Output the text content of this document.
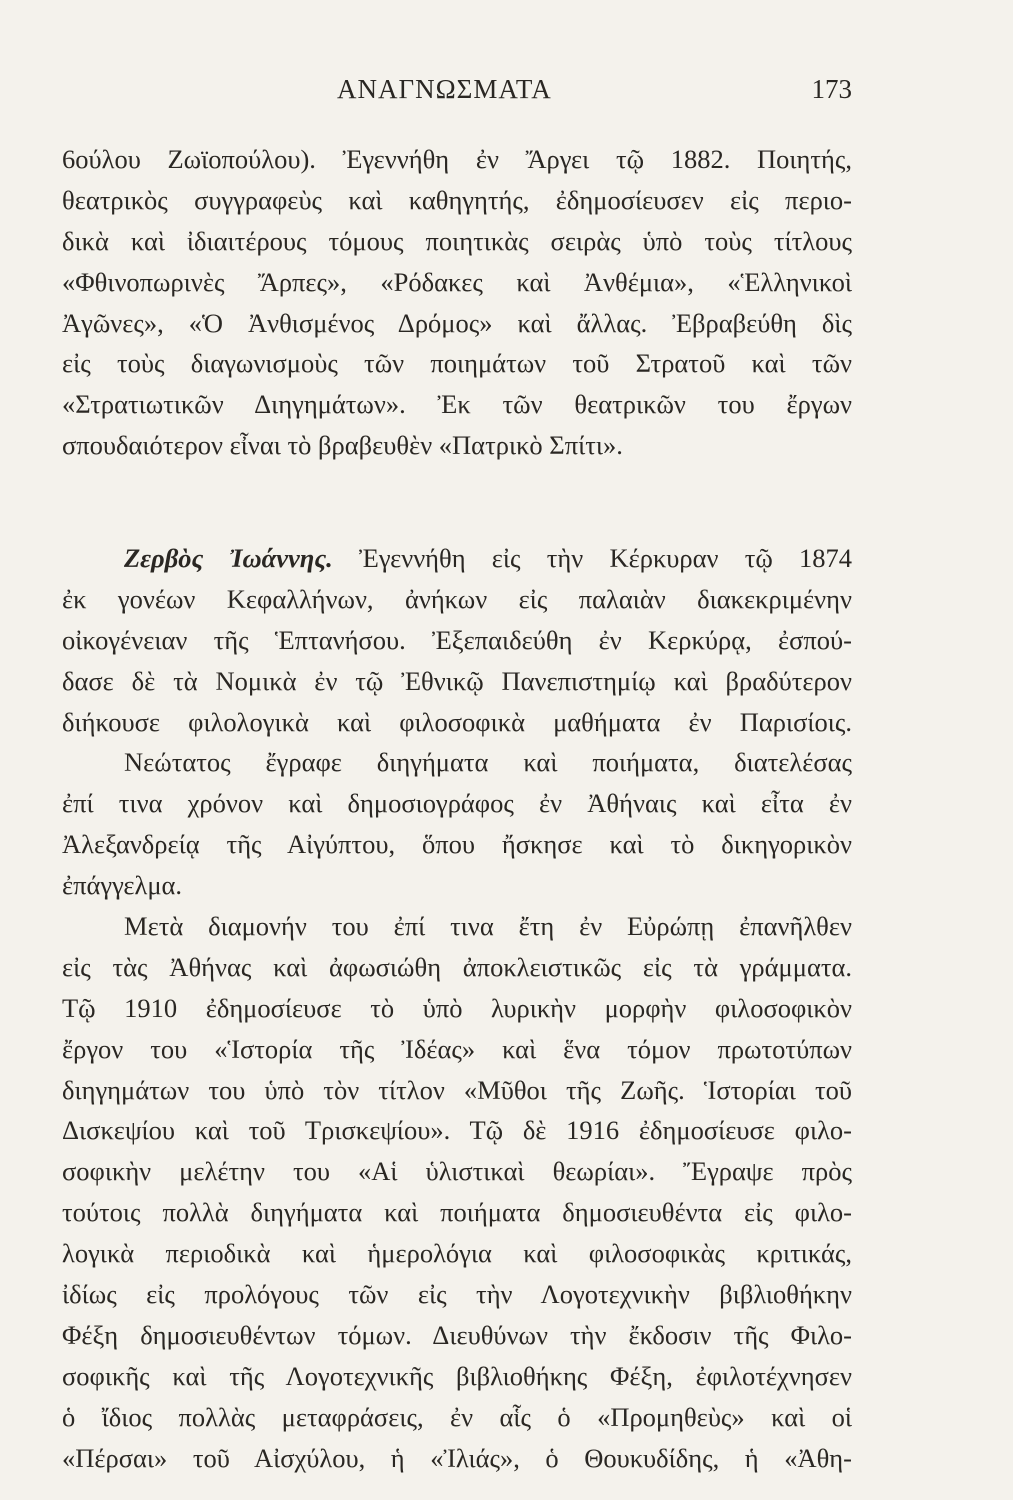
ΑΝΑΓΝΩΣΜΑΤΑ	173
6ούλου Ζωϊοπούλου). Ἐγεννήθη ἐν Ἄργει τῷ 1882. Ποιητής,
θεατρικὸς συγγραφεὺς καὶ καθηγητής, ἐδημοσίευσεν εἰς περιο-
δικὰ καὶ ἰδιαιτέρους τόμους ποιητικὰς σειρὰς ὑπὸ τοὺς τίτλους
«Φθινοπωρινὲς Ἄρπες», «Ρόδακες καὶ Ἀνθέμια», «Ἑλληνικοὶ
Ἀγῶνες», «Ὁ Ἀνθισμένος Δρόμος» καὶ ἄλλας. Ἐβραβεύθη δὶς
εἰς τοὺς διαγωνισμοὺς τῶν ποιημάτων τοῦ Στρατοῦ καὶ τῶν
«Στρατιωτικῶν Διηγημάτων». Ἐκ τῶν θεατρικῶν του ἔργων
σπουδαιότερον εἶναι τὸ βραβευθὲν «Πατρικὸ Σπίτι».
Ζερβὸς Ἰωάννης. Ἐγεννήθη εἰς τὴν Κέρκυραν τῷ 1874
ἐκ γονέων Κεφαλλήνων, ἀνήκων εἰς παλαιὰν διακεκριμένην
οἰκογένειαν τῆς Ἑπτανήσου. Ἐξεπαιδεύθη ἐν Κερκύρᾳ, ἐσπού-
δασε δὲ τὰ Νομικὰ ἐν τῷ Ἐθνικῷ Πανεπιστημίῳ καὶ βραδύτερον
διήκουσε φιλολογικὰ καὶ φιλοσοφικὰ μαθήματα ἐν Παρισίοις.
Νεώτατος ἔγραφε διηγήματα καὶ ποιήματα, διατελέσας
ἐπί τινα χρόνον καὶ δημοσιογράφος ἐν Ἀθήναις καὶ εἶτα ἐν
Ἀλεξανδρείᾳ τῆς Αἰγύπτου, ὅπου ἤσκησε καὶ τὸ δικηγορικὸν
ἐπάγγελμα.
Μετὰ διαμονήν του ἐπί τινα ἔτη ἐν Εὐρώπῃ ἐπανῆλθεν
εἰς τὰς Ἀθήνας καὶ ἀφωσιώθη ἀποκλειστικῶς εἰς τὰ γράμματα.
Τῷ 1910 ἐδημοσίευσε τὸ ὑπὸ λυρικὴν μορφὴν φιλοσοφικὸν
ἔργον του «Ἱστορία τῆς Ἰδέας» καὶ ἕνα τόμον πρωτοτύπων
διηγημάτων του ὑπὸ τὸν τίτλον «Μῦθοι τῆς Ζωῆς. Ἱστορίαι τοῦ
Δισκεψίου καὶ τοῦ Τρισκεψίου». Τῷ δὲ 1916 ἐδημοσίευσε φιλο-
σοφικὴν μελέτην του «Αἱ ὑλιστικαὶ θεωρίαι». Ἔγραψε πρὸς
τούτοις πολλὰ διηγήματα καὶ ποιήματα δημοσιευθέντα εἰς φιλο-
λογικὰ περιοδικὰ καὶ ἡμερολόγια καὶ φιλοσοφικὰς κριτικάς,
ἰδίως εἰς προλόγους τῶν εἰς τὴν Λογοτεχνικὴν βιβλιοθήκην
Φέξη δημοσιευθέντων τόμων. Διευθύνων τὴν ἔκδοσιν τῆς Φιλο-
σοφικῆς καὶ τῆς Λογοτεχνικῆς βιβλιοθήκης Φέξη, ἐφιλοτέχνησεν
ὁ ἴδιος πολλὰς μεταφράσεις, ἐν αἷς ὁ «Προμηθεὺς» καὶ οἱ
«Πέρσαι» τοῦ Αἰσχύλου, ἡ «Ἰλιάς», ὁ Θουκυδίδης, ἡ «Ἀθη-
